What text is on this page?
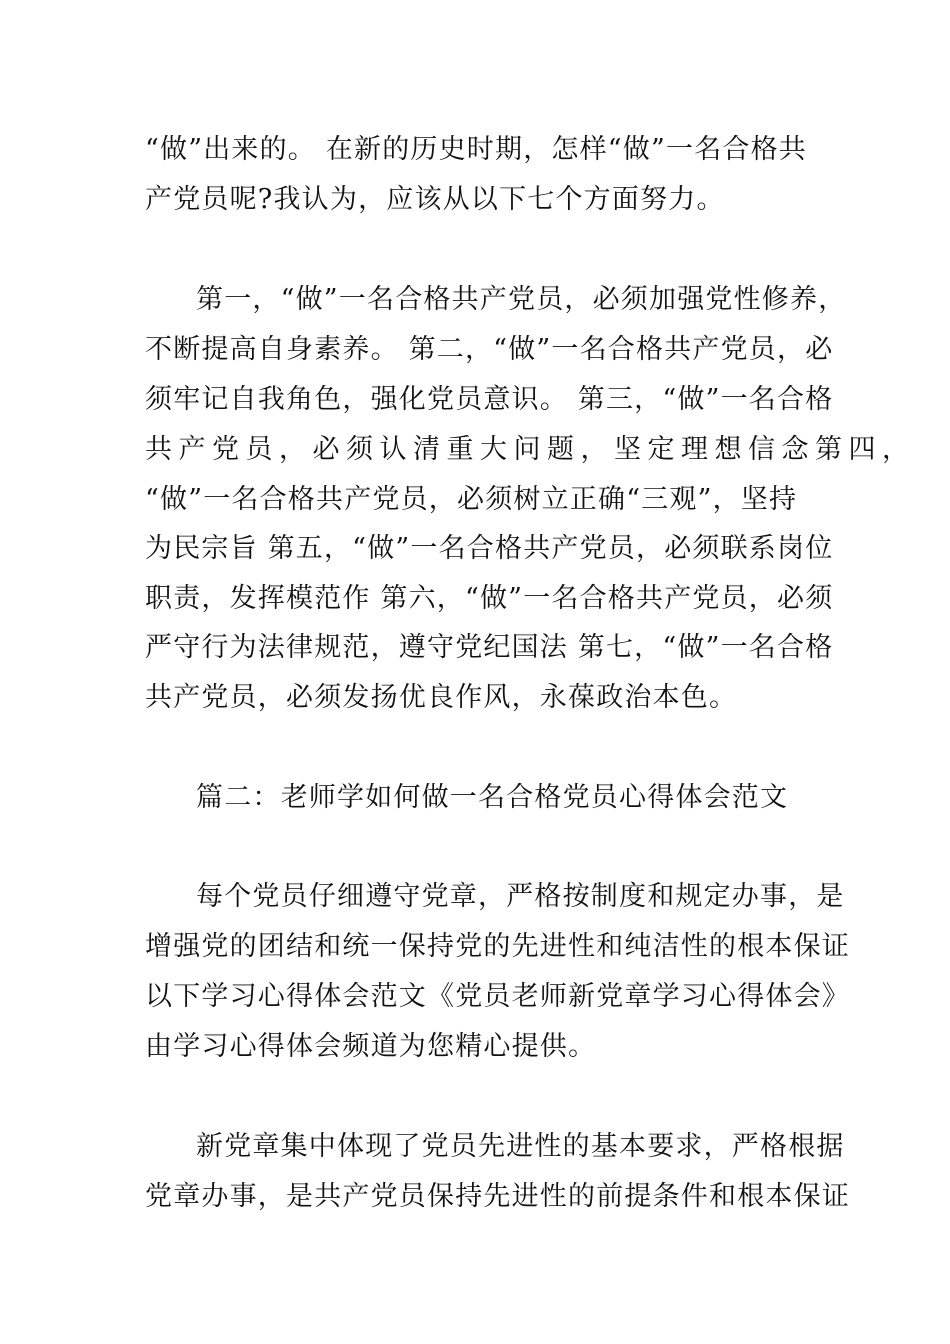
“做”出来的。 在新的历史时期，怎样“做”一名合格共
产党员呢?我认为，应该从以下七个方面努力。
第一，“做”一名合格共产党员，必须加强党性修养，
不断提高自身素养。 第二，“做”一名合格共产党员，必
须牢记自我角色，强化党员意识。 第三，“做”一名合格
共产党员，必须认清重大问题，坚定理想信念第四，
“做”一名合格共产党员，必须树立正确“三观”，坚持
为民宗旨 第五，“做”一名合格共产党员，必须联系岗位
职责，发挥模范作 第六，“做”一名合格共产党员，必须
严守行为法律规范，遵守党纪国法 第七，“做”一名合格
共产党员，必须发扬优良作风，永葆政治本色。
篇二：老师学如何做一名合格党员心得体会范文
每个党员仔细遵守党章，严格按制度和规定办事，是
增强党的团结和统一保持党的先进性和纯洁性的根本保证
以下学习心得体会范文《党员老师新党章学习心得体会》
由学习心得体会频道为您精心提供。
新党章集中体现了党员先进性的基本要求，严格根据
党章办事，是共产党员保持先进性的前提条件和根本保证
